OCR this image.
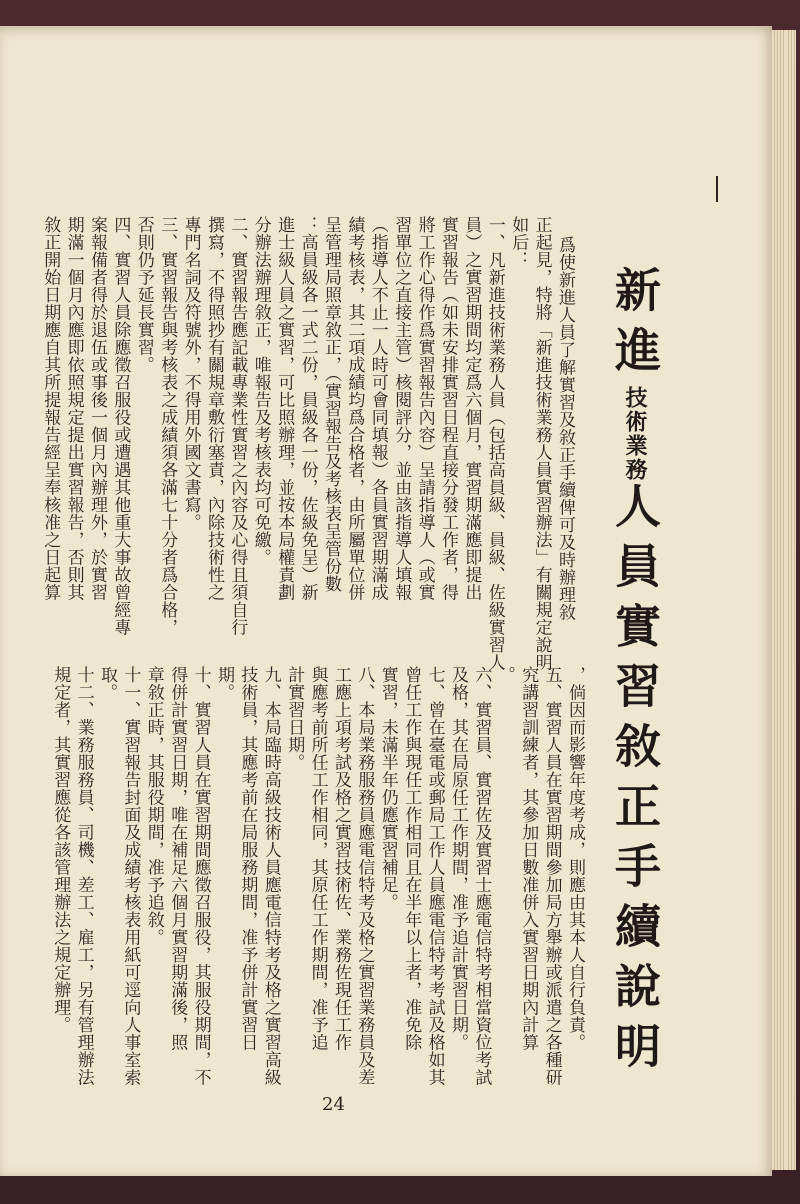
新進技術業務人員實習敘正手續說明
爲使新進人員了解實習及敘正手續俾可及時辦理敘
正起見，特將「新進技術業務人員實習辦法」有關規定說明
如后：
一、凡新進技術業務人員（包括高員級、員級、佐級實習人
員）之實習期間均定爲六個月，實習期滿應即提出
實習報告（如未安排實習日程直接分發工作者，得
將工作心得作爲實習報告內容）呈請指導人（或實
習單位之直接主管）核閱評分，並由該指導人填報
（指導人不止一人時可會同填報）各員實習期滿成
績考核表，其二項成績均爲合格者，由所屬單位併
呈管理局照章敘正，（實習報告及考核表呈管份數
：高員級各一式二份，員級各一份，佐級免呈）新
進士級人員之實習，可比照辦理，並按本局權責劃
分辦法辦理敘正，唯報告及考核表均可免繳。
二、實習報告應記載專業性實習之內容及心得且須自行
撰寫，不得照抄有關規章敷衍塞責，內除技術性之
專門名詞及符號外，不得用外國文書寫。
三、實習報告與考核表之成績須各滿七十分者爲合格，
否則仍予延長實習。
四、實習人員除應徵召服役或遭遇其他重大事故曾經專
案報備者得於退伍或事後一個月內辦理外，於實習
期滿一個月內應即依照規定提出實習報告，否則其
敘正開始日期應自其所提報告經呈奉核准之日起算
，倘因而影響年度考成，則應由其本人自行負責。
五、實習人員在實習期間參加局方舉辦或派遣之各種研
究講習訓練者，其參加日數准併入實習日期內計算
。
六、實習員、實習佐及實習士應電信特考相當資位考試
及格，其在局原任工作期間，准予追計實習日期。
七、曾在臺電或郵局工作人員應電信特考考試及格如其
曾任工作與現任工作相同且在半年以上者，准免除
實習，未滿半年仍應實習補足。
八、本局業務服務員應電信特考及格之實習業務員及差
工應上項考試及格之實習技術佐、業務佐現任工作
與應考前所任工作相同，其原任工作期間，准予追
計實習日期。
九、本局臨時高級技術人員應電信特考及格之實習高級
技術員，其應考前在局服務期間，准予併計實習日
期。
十、實習人員在實習期間應徵召服役，其服役期間，不
得併計實習日期，唯在補足六個月實習期滿後，照
章敘正時，其服役期間，准予追敘。
十一、實習報告封面及成績考核表用紙可逕向人事室索
取。
十二、業務服務員、司機、差工、雇工，另有管理辦法
規定者，其實習應從各該管理辦法之規定辦理。
24
